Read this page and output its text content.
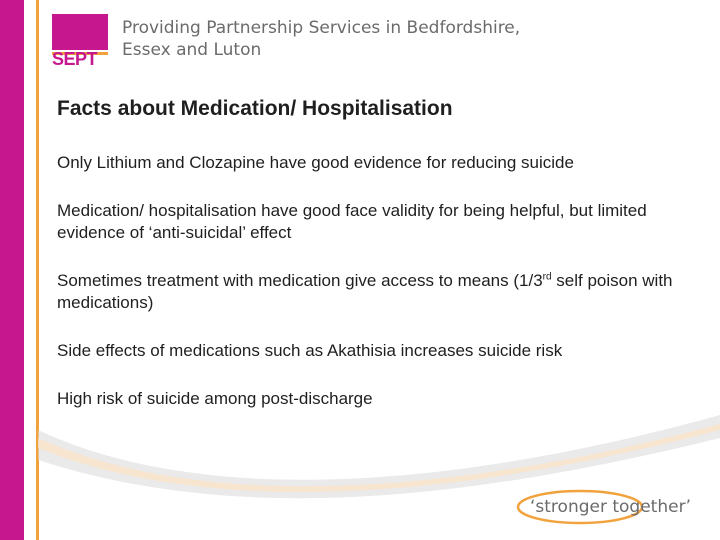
SEPT
Providing Partnership Services in Bedfordshire,
Essex and Luton
Facts about Medication/ Hospitalisation
Only Lithium and Clozapine have good evidence for reducing suicide
Medication/ hospitalisation have good face validity for being helpful, but limited evidence of ‘anti-suicidal’ effect
Sometimes treatment with medication give access to means (1/3rd self poison with medications)
Side effects of medications such as Akathisia increases suicide risk
High risk of suicide among post-discharge
‘stronger together’
